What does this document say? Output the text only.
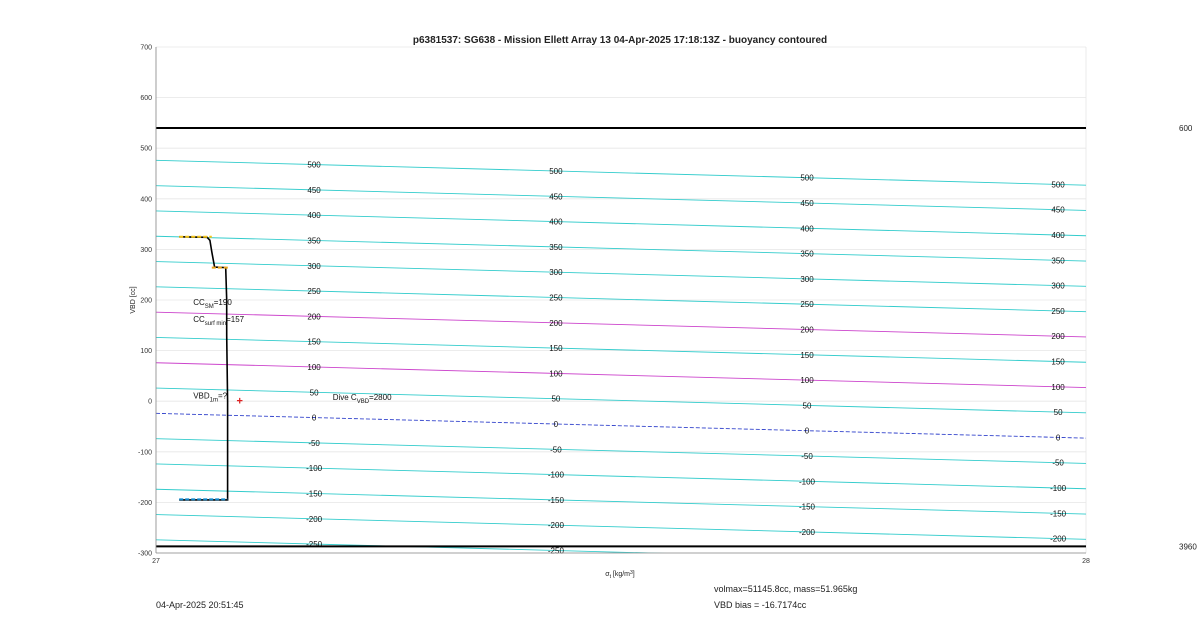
-250
-250
-200
-200
-200
-200
-150
-150
-150
-150
-100
-100
-100
-100
-50
-50
-50
-50
0
0
0
0
50
50
50
50
100
100
100
100
150
150
150
150
200
200
200
200
250
250
250
250
300
300
300
300
350
350
350
350
400
400
400
400
450
450
450
450
500
500
500
500
600
3960
+
-300
-200
-100
0
100
200
300
400
500
600
700
27	28
$CC_{SM}=190$
$CC_{surf min}=157$
$VBD_{1m}=$?	Dive $C_{VBD}=2800$
p6381537: SG638 - Mission Ellett Array 13 04-Apr-2025 17:18:13Z - buoyancy contoured
VBD [cc]
$\sigma_t$ $[kg/m^3]$
04-Apr-2025 20:51:45
volmax=51145.8cc, mass=51.965kg
VBD bias = -16.7174cc
